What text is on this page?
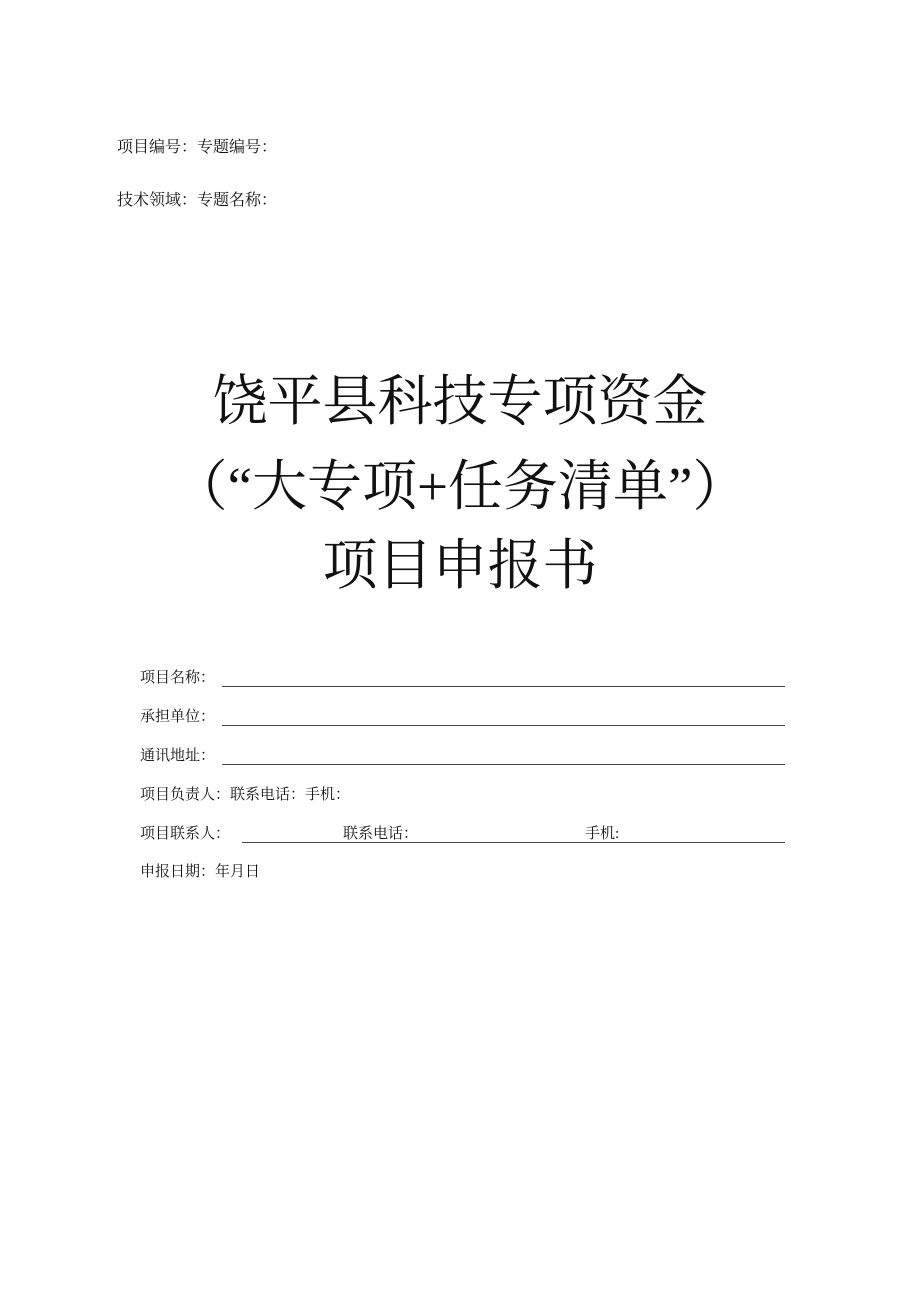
项目编号：专题编号：
技术领域：专题名称：
饶平县科技专项资金
（“大专项+任务清单”）
项目申报书
项目名称：
承担单位：
通讯地址：
项目负责人：联系电话：手机：
项目联系人：	联系电话：	手机:
申报日期：年月日
